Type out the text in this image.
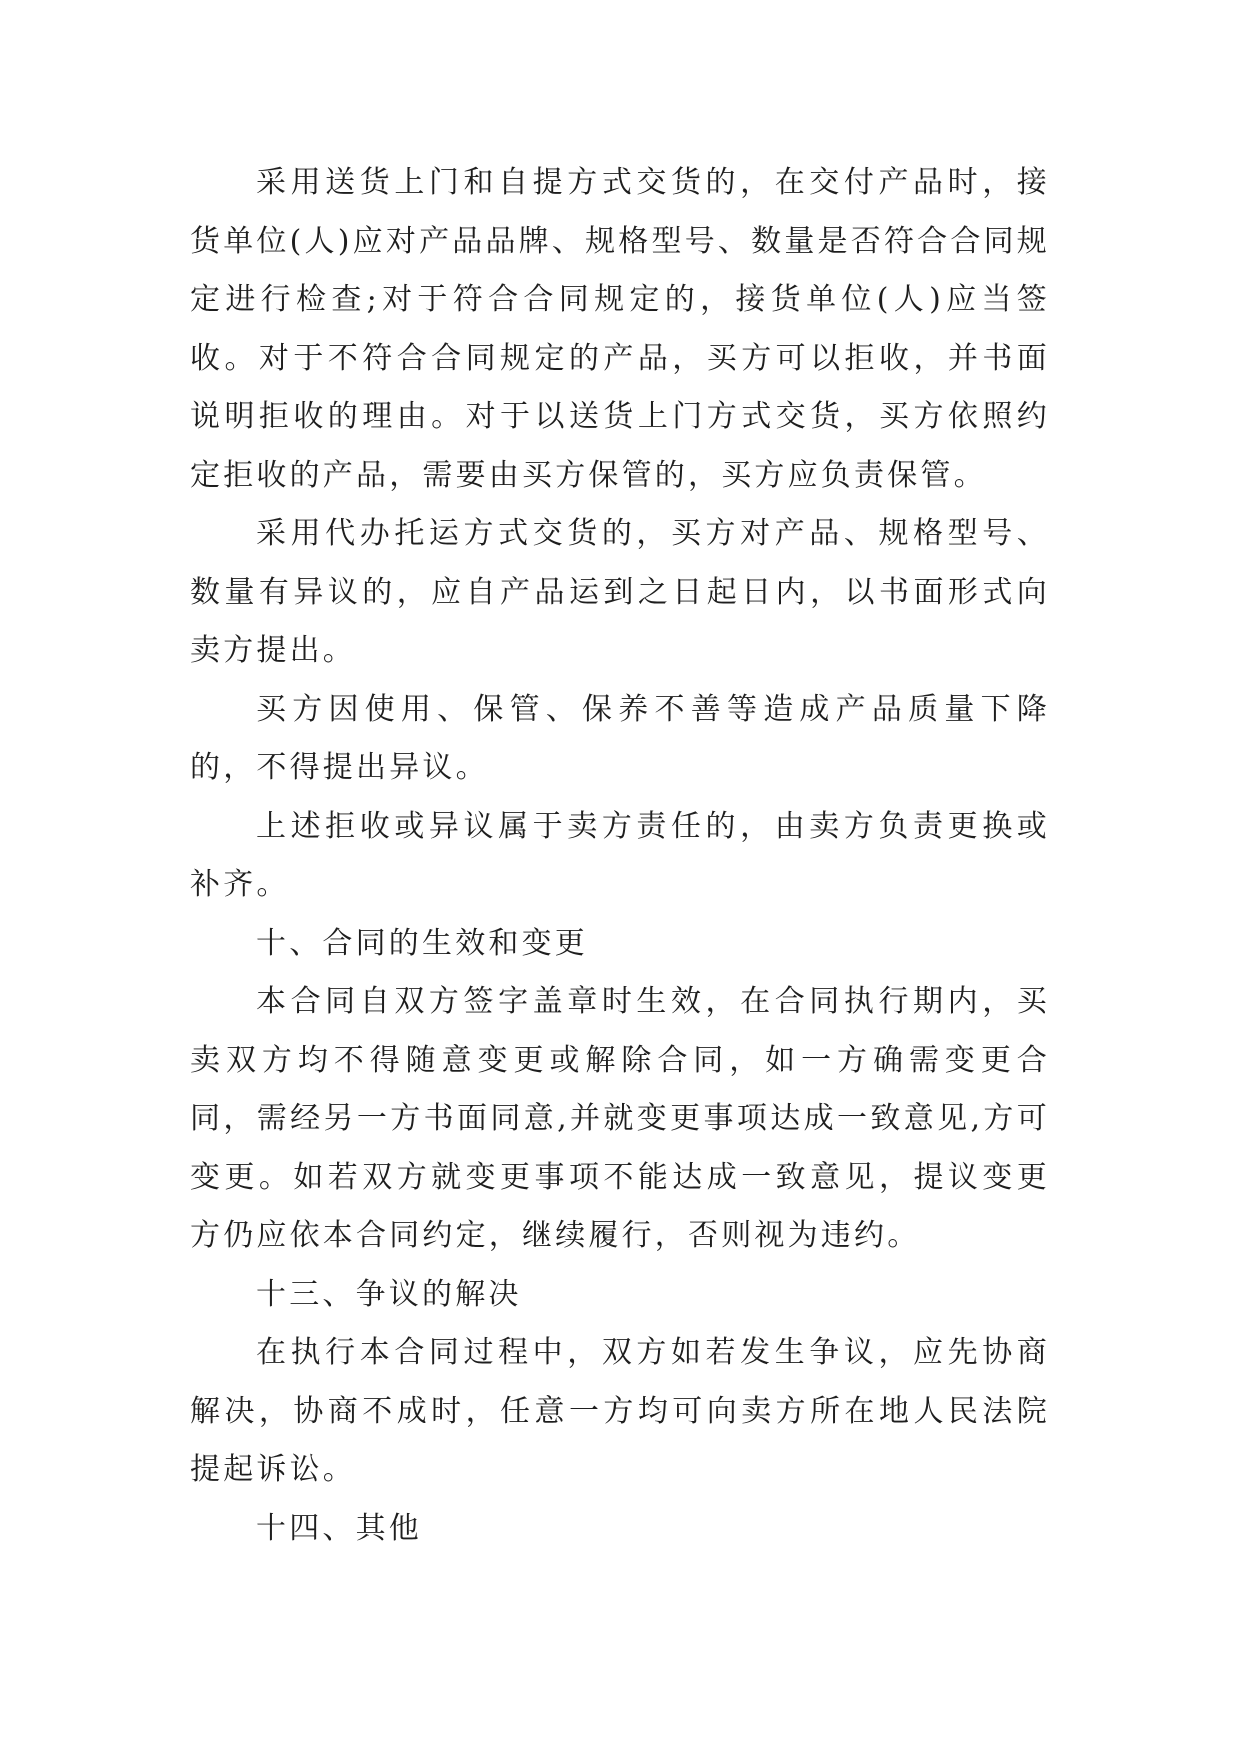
采用送货上门和自提方式交货的，在交付产品时，接货单位(人)应对产品品牌、规格型号、数量是否符合合同规定进行检查;对于符合合同规定的，接货单位(人)应当签收。对于不符合合同规定的产品，买方可以拒收，并书面说明拒收的理由。对于以送货上门方式交货，买方依照约定拒收的产品，需要由买方保管的，买方应负责保管。

采用代办托运方式交货的，买方对产品、规格型号、数量有异议的，应自产品运到之日起日内，以书面形式向卖方提出。

买方因使用、保管、保养不善等造成产品质量下降的，不得提出异议。

上述拒收或异议属于卖方责任的，由卖方负责更换或补齐。

十、合同的生效和变更

本合同自双方签字盖章时生效，在合同执行期内，买卖双方均不得随意变更或解除合同，如一方确需变更合同，需经另一方书面同意,并就变更事项达成一致意见,方可变更。如若双方就变更事项不能达成一致意见，提议变更方仍应依本合同约定，继续履行，否则视为违约。

十三、争议的解决

在执行本合同过程中，双方如若发生争议，应先协商解决，协商不成时，任意一方均可向卖方所在地人民法院提起诉讼。

十四、其他
